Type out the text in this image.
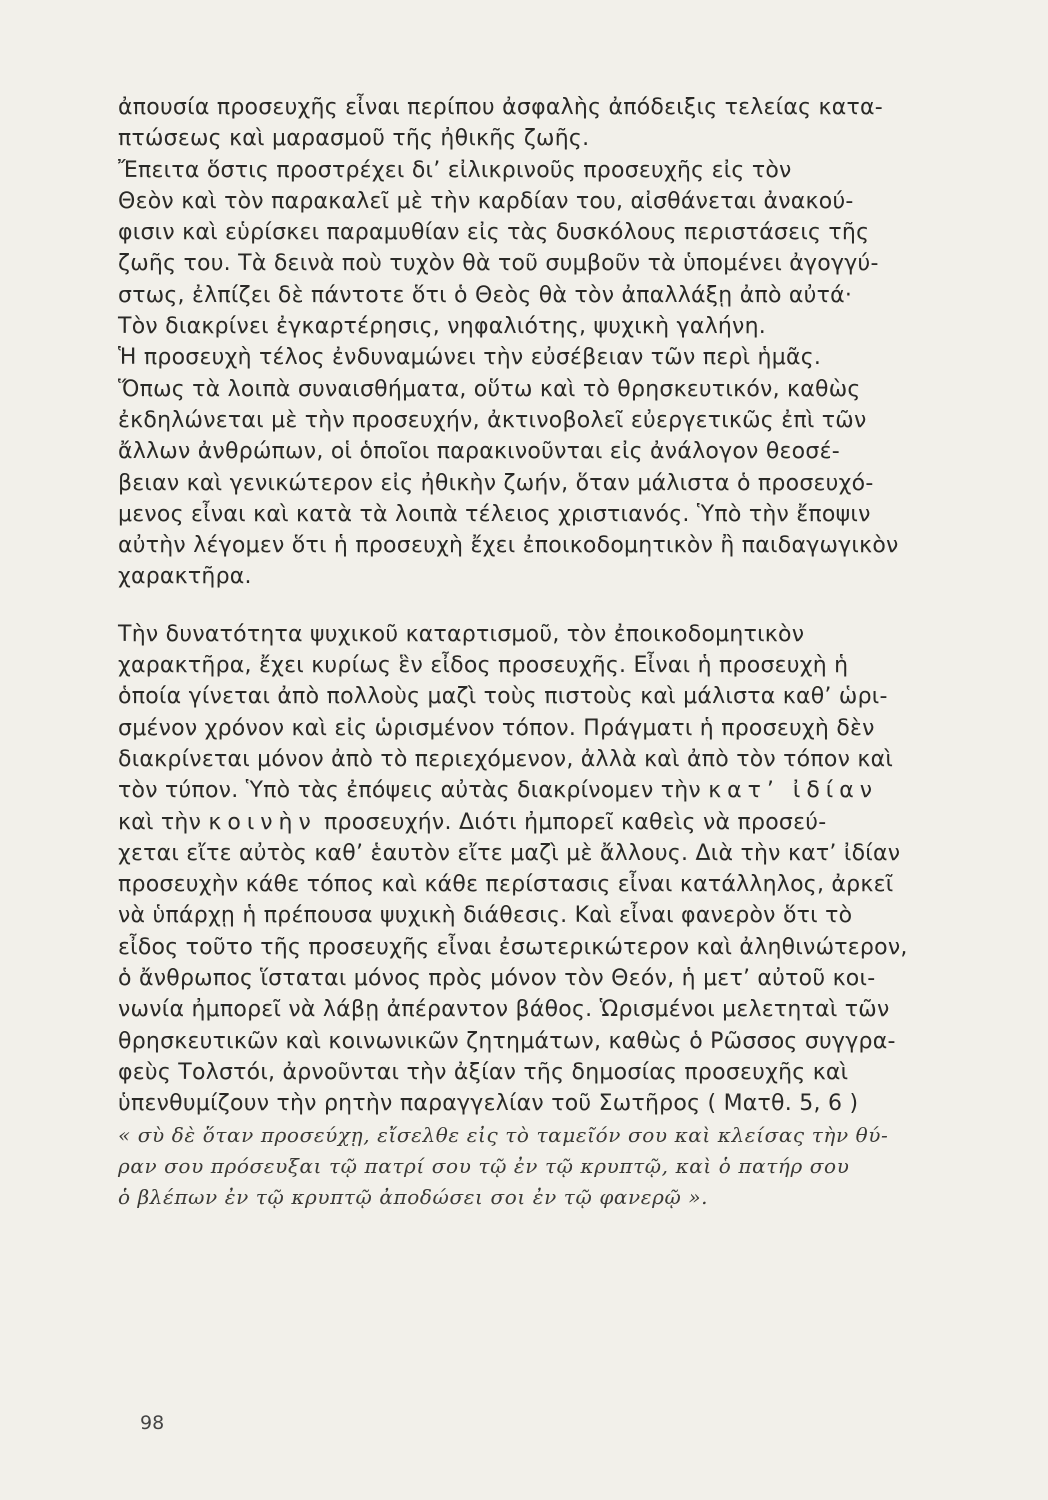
ἀπουσία προσευχῆς εἶναι περίπου ἀσφαλὴς ἀπόδειξις τελείας κατα-
πτώσεως καὶ μαρασμοῦ τῆς ἠθικῆς ζωῆς.
Ἔπειτα ὅστις προστρέχει δι’ εἰλικρινοῦς προσευχῆς εἰς τὸν
Θεὸν καὶ τὸν παρακαλεῖ μὲ τὴν καρδίαν του, αἰσθάνεται ἀνακού-
φισιν καὶ εὑρίσκει παραμυθίαν εἰς τὰς δυσκόλους περιστάσεις τῆς
ζωῆς του. Τὰ δεινὰ ποὺ τυχὸν θὰ τοῦ συμβοῦν τὰ ὑπομένει ἀγογγύ-
στως, ἐλπίζει δὲ πάντοτε ὅτι ὁ Θεὸς θὰ τὸν ἀπαλλάξῃ ἀπὸ αὐτά·
Τὸν διακρίνει ἐγκαρτέρησις, νηφαλιότης, ψυχικὴ γαλήνη.
Ἡ προσευχὴ τέλος ἐνδυναμώνει τὴν εὐσέβειαν τῶν περὶ ἡμᾶς.
Ὅπως τὰ λοιπὰ συναισθήματα, οὕτω καὶ τὸ θρησκευτικόν, καθὼς
ἐκδηλώνεται μὲ τὴν προσευχήν, ἀκτινοβολεῖ εὐεργετικῶς ἐπὶ τῶν
ἄλλων ἀνθρώπων, οἱ ὁποῖοι παρακινοῦνται εἰς ἀνάλογον θεοσέ-
βειαν καὶ γενικώτερον εἰς ἠθικὴν ζωήν, ὅταν μάλιστα ὁ προσευχό-
μενος εἶναι καὶ κατὰ τὰ λοιπὰ τέλειος χριστιανός. Ὑπὸ τὴν ἔποψιν
αὐτὴν λέγομεν ὅτι ἡ προσευχὴ ἔχει ἐποικοδομητικὸν ἢ παιδαγωγικὸν
χαρακτῆρα.
Τὴν δυνατότητα ψυχικοῦ καταρτισμοῦ, τὸν ἐποικοδομητικὸν
χαρακτῆρα, ἔχει κυρίως ἓν εἶδος προσευχῆς. Εἶναι ἡ προσευχὴ ἡ
ὁποία γίνεται ἀπὸ πολλοὺς μαζὶ τοὺς πιστοὺς καὶ μάλιστα καθ’ ὡρι-
σμένον χρόνον καὶ εἰς ὡρισμένον τόπον. Πράγματι ἡ προσευχὴ δὲν
διακρίνεται μόνον ἀπὸ τὸ περιεχόμενον, ἀλλὰ καὶ ἀπὸ τὸν τόπον καὶ
τὸν τύπον. Ὑπὸ τὰς ἐπόψεις αὐτὰς διακρίνομεν τὴν κατ’ ἰδίαν
καὶ τὴν κοινὴν προσευχήν. Διότι ἠμπορεῖ καθεὶς νὰ προσεύ-
χεται εἴτε αὐτὸς καθ’ ἑαυτὸν εἴτε μαζὶ μὲ ἄλλους. Διὰ τὴν κατ’ ἰδίαν
προσευχὴν κάθε τόπος καὶ κάθε περίστασις εἶναι κατάλληλος, ἀρκεῖ
νὰ ὑπάρχῃ ἡ πρέπουσα ψυχικὴ διάθεσις. Καὶ εἶναι φανερὸν ὅτι τὸ
εἶδος τοῦτο τῆς προσευχῆς εἶναι ἐσωτερικώτερον καὶ ἀληθινώτερον,
ὁ ἄνθρωπος ἵσταται μόνος πρὸς μόνον τὸν Θεόν, ἡ μετ’ αὐτοῦ κοι-
νωνία ἠμπορεῖ νὰ λάβῃ ἀπέραντον βάθος. Ὡρισμένοι μελετηταὶ τῶν
θρησκευτικῶν καὶ κοινωνικῶν ζητημάτων, καθὼς ὁ Ρῶσσος συγγρα-
φεὺς Τολστόι, ἀρνοῦνται τὴν ἀξίαν τῆς δημοσίας προσευχῆς καὶ
ὑπενθυμίζουν τὴν ρητὴν παραγγελίαν τοῦ Σωτῆρος ( Ματθ. 5, 6 )
« σὺ δὲ ὅταν προσεύχῃ, εἴσελθε εἰς τὸ ταμεῖόν σου καὶ κλείσας τὴν θύ-
ραν σου πρόσευξαι τῷ πατρί σου τῷ ἐν τῷ κρυπτῷ, καὶ ὁ πατήρ σου
ὁ βλέπων ἐν τῷ κρυπτῷ ἀποδώσει σοι ἐν τῷ φανερῷ ».
98
